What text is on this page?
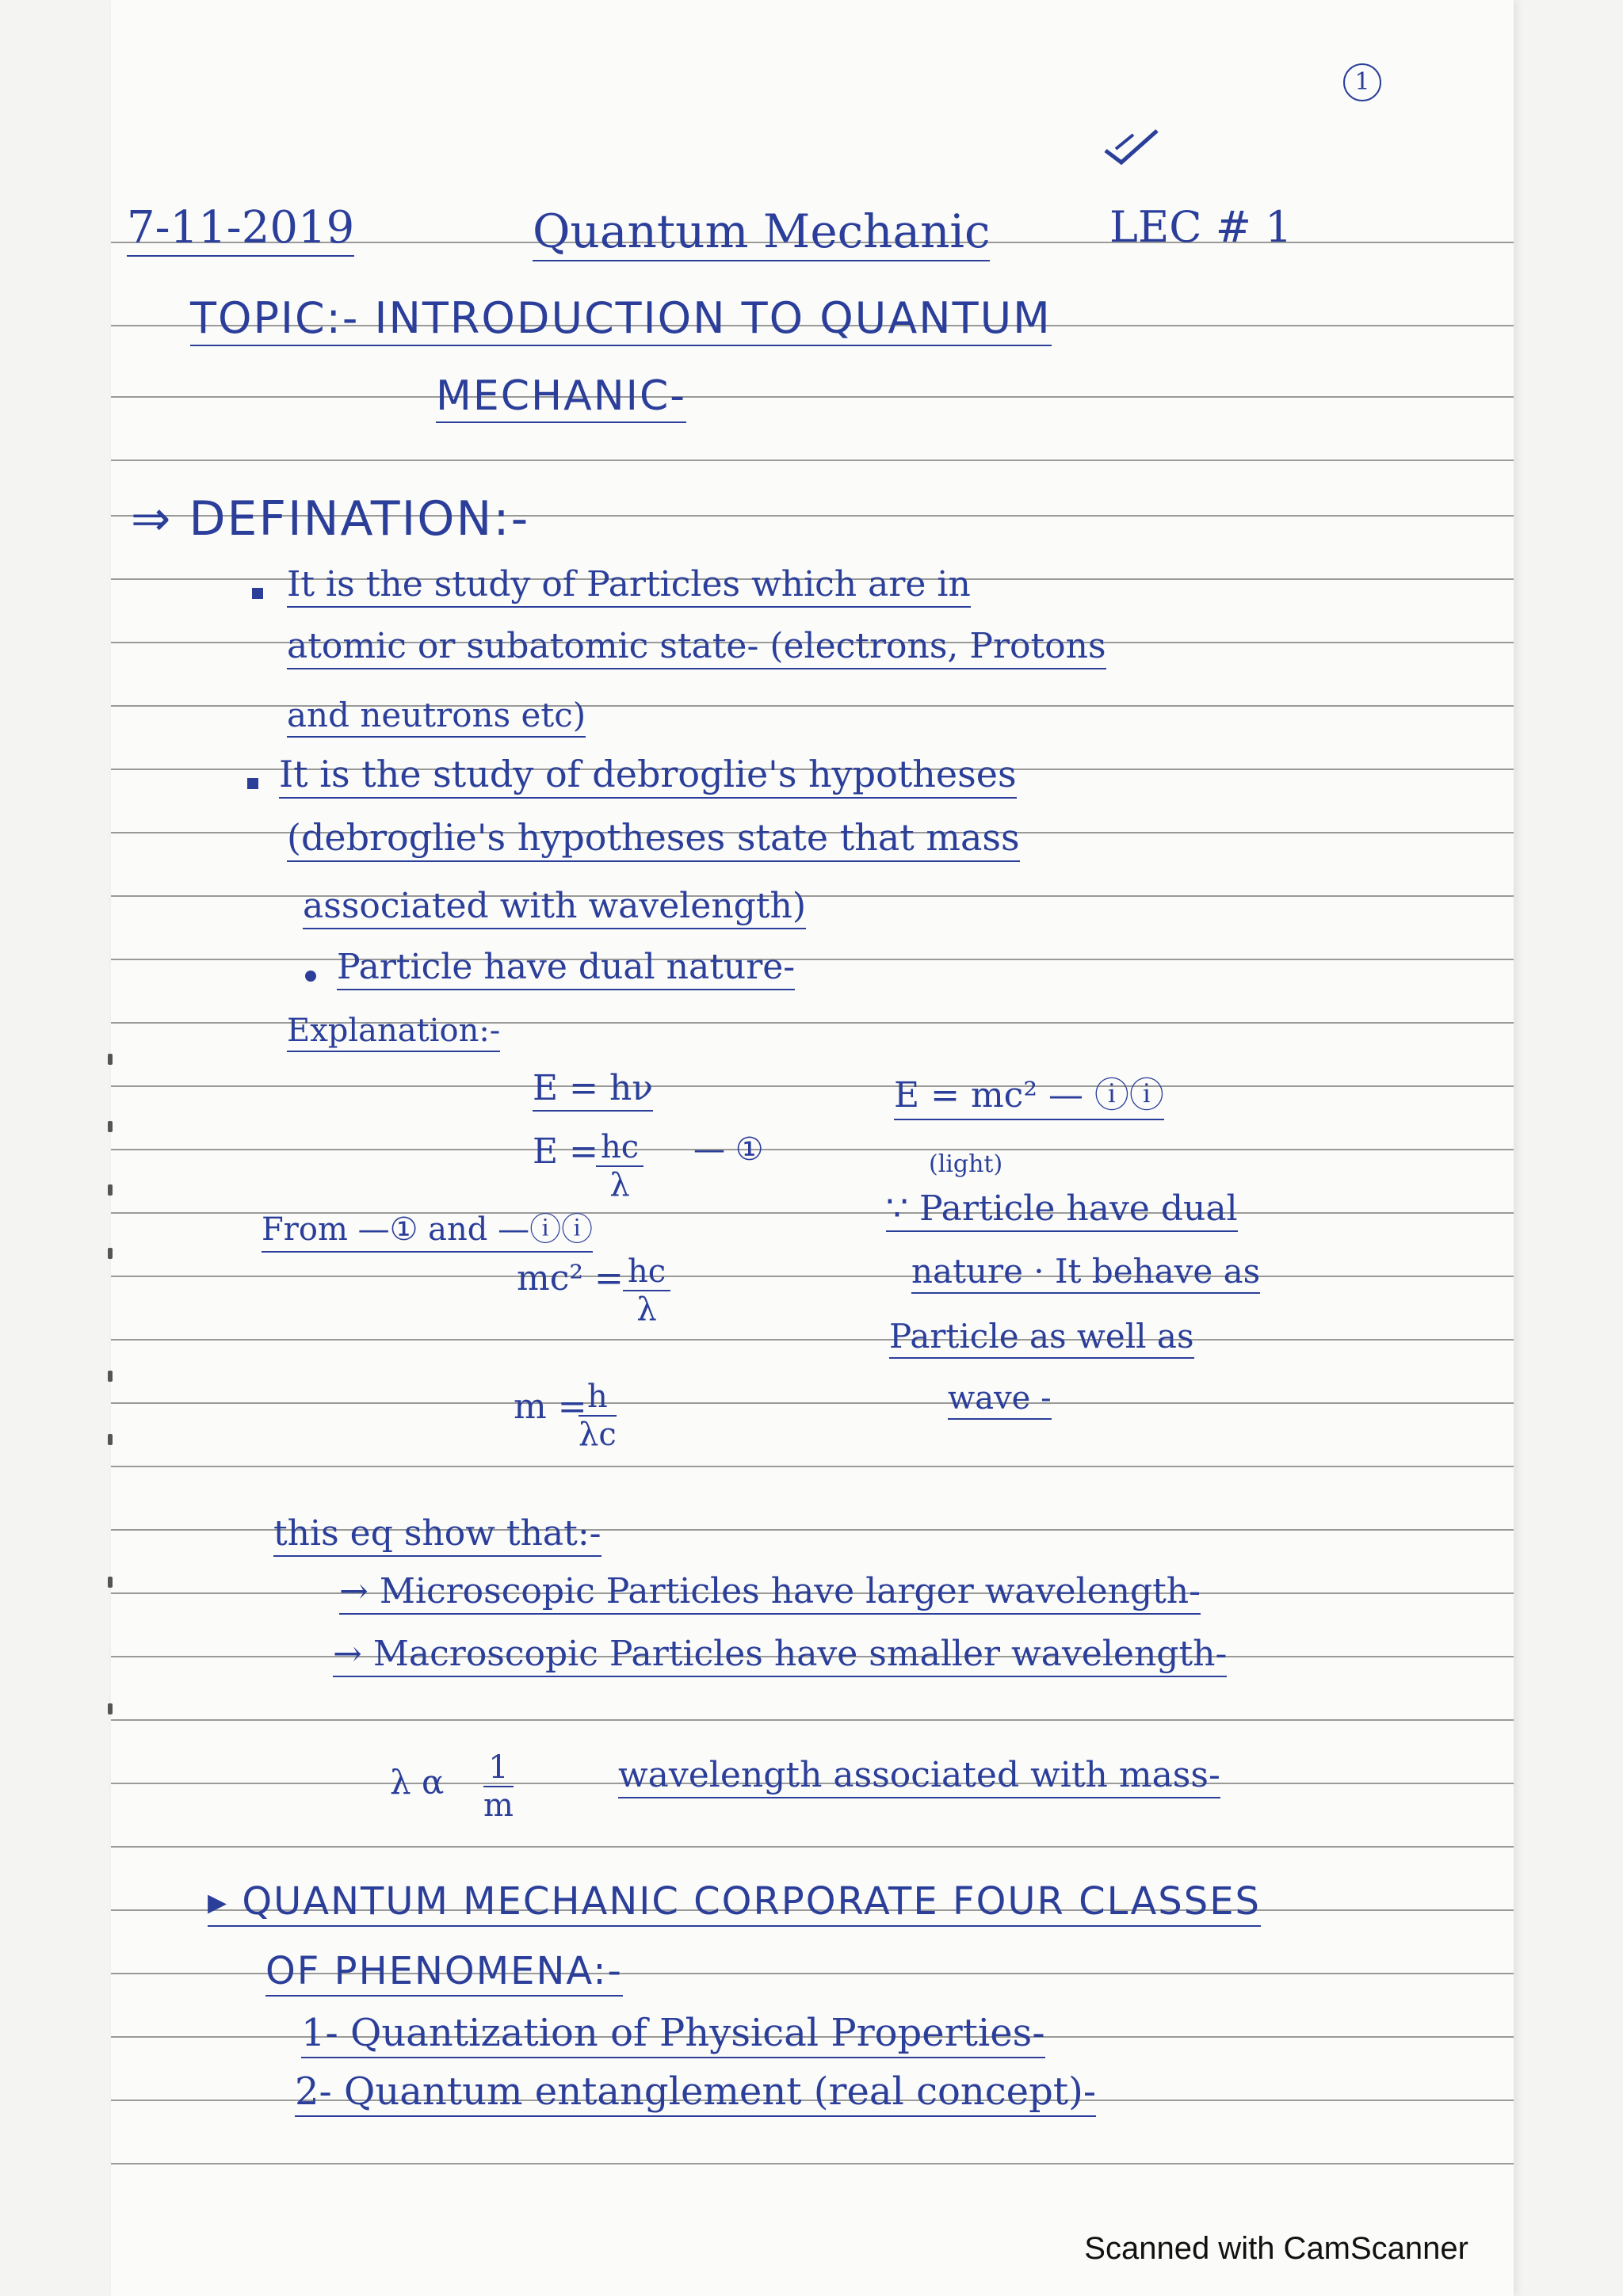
1
7-11-2019	Quantum Mechanic	LEC # 1
TOPIC:- INTRODUCTION TO QUANTUM
MECHANIC-
⇒ DEFINATION:-
It is the study of Particles which are in
atomic or subatomic state- (electrons, Protons
and neutrons etc)
It is the study of debroglie's hypotheses
(debroglie's hypotheses state that mass
associated with wavelength)
Particle have dual nature-
Explanation:-
E = hν
E =
$\frac{hc}{\lambda}$ — ①
E = mc² — ⓘⓘ
(light)
From —① and —ⓘⓘ
$mc^2 = \frac{hc}{\lambda}$
m =
$\frac{h}{\lambda c}$
∵ Particle have dual
nature · It behave as
Particle as well as
wave -
this eq show that:-
→ Microscopic Particles have larger wavelength-
→ Macroscopic Particles have smaller wavelength-
λ α $\frac{1}{m}$	wavelength associated with mass-
▸ QUANTUM MECHANIC CORPORATE FOUR CLASSES
OF PHENOMENA:-
1- Quantization of Physical Properties-
2- Quantum entanglement (real concept)-
Scanned with CamScanner
